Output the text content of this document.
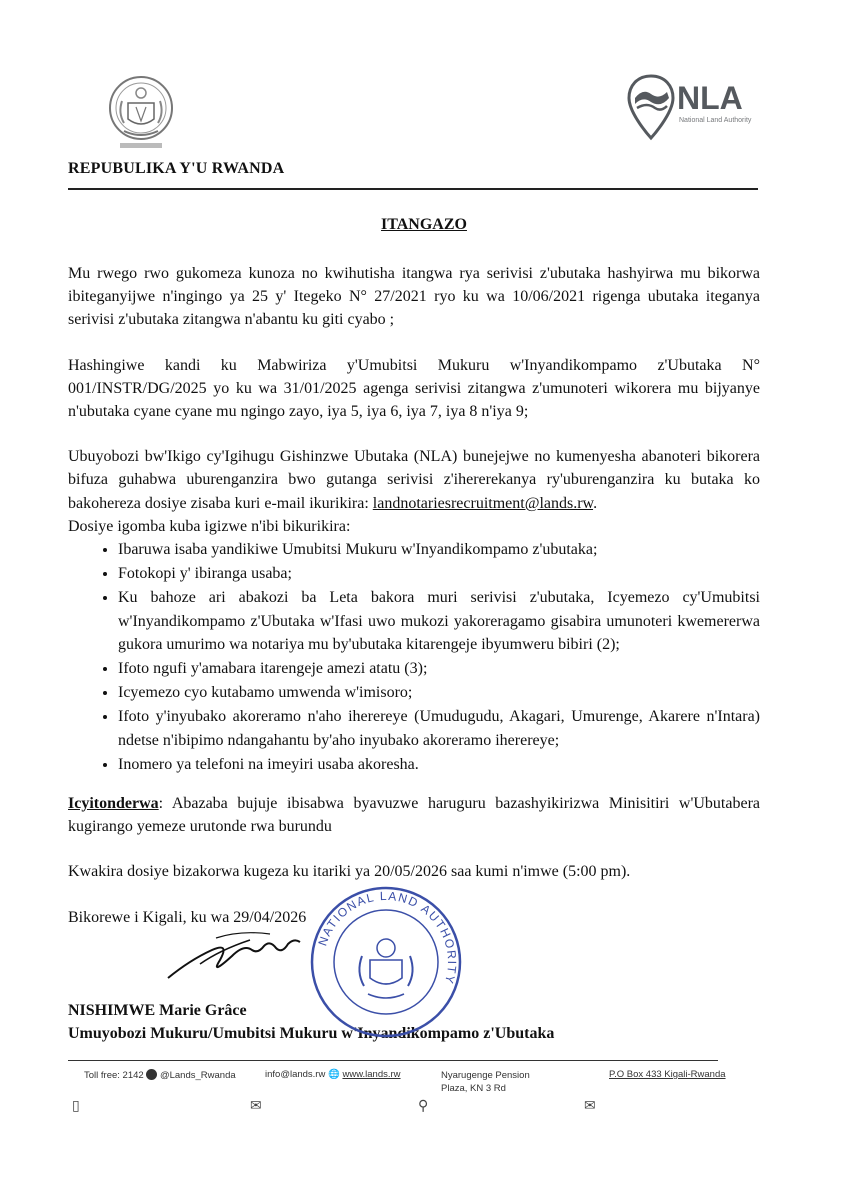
NLA
National Land Authority
REPUBULIKA Y'U RWANDA
ITANGAZO

Mu rwego rwo gukomeza kunoza no kwihutisha itangwa rya serivisi z'ubutaka hashyirwa mu bikorwa ibiteganyijwe n'ingingo ya 25 y' Itegeko N° 27/2021 ryo ku wa 10/06/2021 rigenga ubutaka iteganya serivisi z'ubutaka zitangwa n'abantu ku giti cyabo ;

Hashingiwe kandi ku Mabwiriza y'Umubitsi Mukuru w'Inyandikompamo z'Ubutaka N° 001/INSTR/DG/2025 yo ku wa 31/01/2025 agenga serivisi zitangwa z'umunoteri wikorera mu bijyanye n'ubutaka cyane cyane mu ngingo zayo, iya 5, iya 6, iya 7, iya 8 n'iya 9;

Ubuyobozi bw'Ikigo cy'Igihugu Gishinzwe Ubutaka (NLA) bunejejwe no kumenyesha abanoteri bikorera bifuza guhabwa uburenganzira bwo gutanga serivisi z'ihererekanya ry'uburenganzira ku butaka ko bakohereza dosiye zisaba kuri e-mail ikurikira: landnotariesrecruitment@lands.rw.

Dosiye igomba kuba igizwe n'ibi bikurikira:

• Ibaruwa isaba yandikiwe Umubitsi Mukuru w'Inyandikompamo z'ubutaka;
• Fotokopi y' ibiranga usaba;
• Ku bahoze ari abakozi ba Leta bakora muri serivisi z'ubutaka, Icyemezo cy'Umubitsi w'Inyandikompamo z'Ubutaka w'Ifasi uwo mukozi yakoreragamo gisabira umunoteri kwemererwa gukora umurimo wa notariya mu by'ubutaka kitarengeje ibyumweru bibiri (2);
• Ifoto ngufi y'amabara itarengeje amezi atatu (3);
• Icyemezo cyo kutabamo umwenda w'imisoro;
• Ifoto y'inyubako akoreramo n'aho iherereye (Umudugudu, Akagari, Umurenge, Akarere n'Intara) ndetse n'ibipimo ndangahantu by'aho inyubako akoreramo iherereye;
• Inomero ya telefoni na imeyiri usaba akoresha.

Icyitonderwa: Abazaba bujuje ibisabwa byavuzwe haruguru bazashyikirizwa Minisitiri w'Ubutabera kugirango yemeze urutonde rwa burundu

Kwakira dosiye bizakorwa kugeza ku itariki ya 20/05/2026 saa kumi n'imwe (5:00 pm).

Bikorewe i Kigali, ku wa 29/04/2026

NISHIMWE Marie Grâce
Umuyobozi Mukuru/Umubitsi Mukuru w'Inyandikompamo z'Ubutaka
NATIONAL LAND AUTHORITY
Toll free: 2142 @Lands_Rwanda	info@lands.rw 🌐 www.lands.rw	Nyarugenge Pension
Plaza, KN 3 Rd
P.O Box 433 Kigali-Rwanda
▯	✉	⚲	✉
